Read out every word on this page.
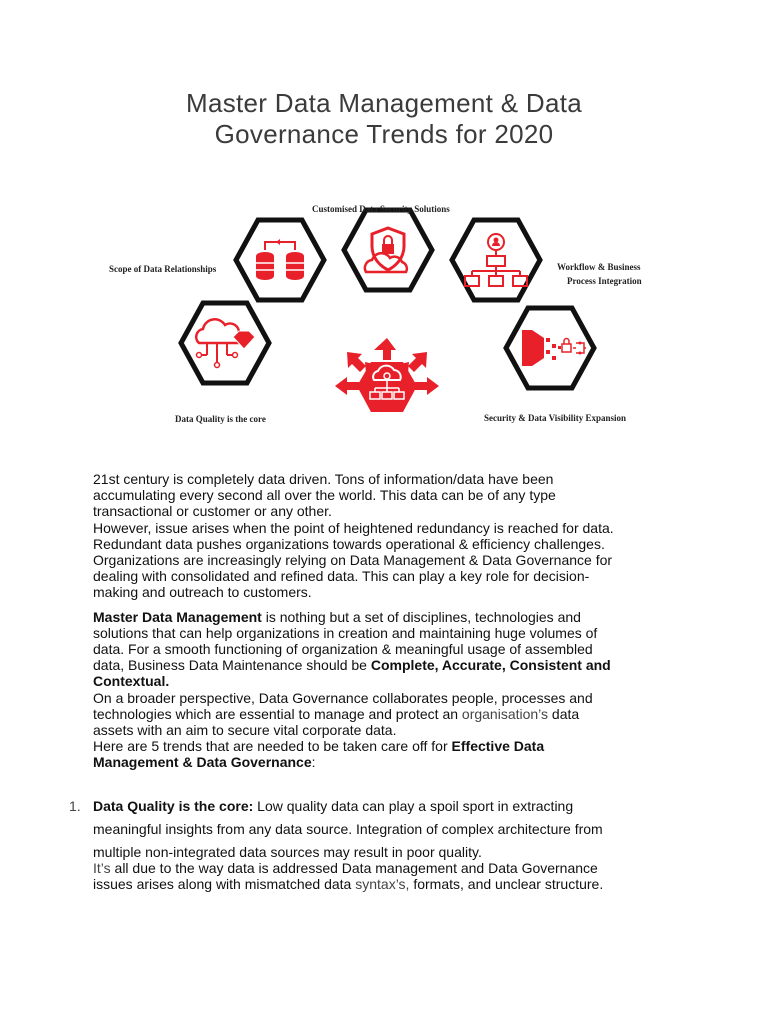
Master Data Management & Data
Governance Trends for 2020
Customised Data Security Solutions
Scope of Data Relationships	Workflow & Business
Process Integration
Data Quality is the core	Security & Data Visibility Expansion

21st century is completely data driven. Tons of information/data have been
accumulating every second all over the world. This data can be of any type
transactional or customer or any other.
However, issue arises when the point of heightened redundancy is reached for data.
Redundant data pushes organizations towards operational & efficiency challenges.
Organizations are increasingly relying on Data Management & Data Governance for
dealing with consolidated and refined data. This can play a key role for decision-
making and outreach to customers.

Master Data Management is nothing but a set of disciplines, technologies and
solutions that can help organizations in creation and maintaining huge volumes of
data. For a smooth functioning of organization & meaningful usage of assembled
data, Business Data Maintenance should be Complete, Accurate, Consistent and
Contextual.
On a broader perspective, Data Governance collaborates people, processes and
technologies which are essential to manage and protect an organisation’s data
assets with an aim to secure vital corporate data.
Here are 5 trends that are needed to be taken care off for Effective Data
Management & Data Governance:

1. Data Quality is the core: Low quality data can play a spoil sport in extracting
meaningful insights from any data source. Integration of complex architecture from
multiple non-integrated data sources may result in poor quality.
It’s all due to the way data is addressed Data management and Data Governance
issues arises along with mismatched data syntax’s, formats, and unclear structure.
